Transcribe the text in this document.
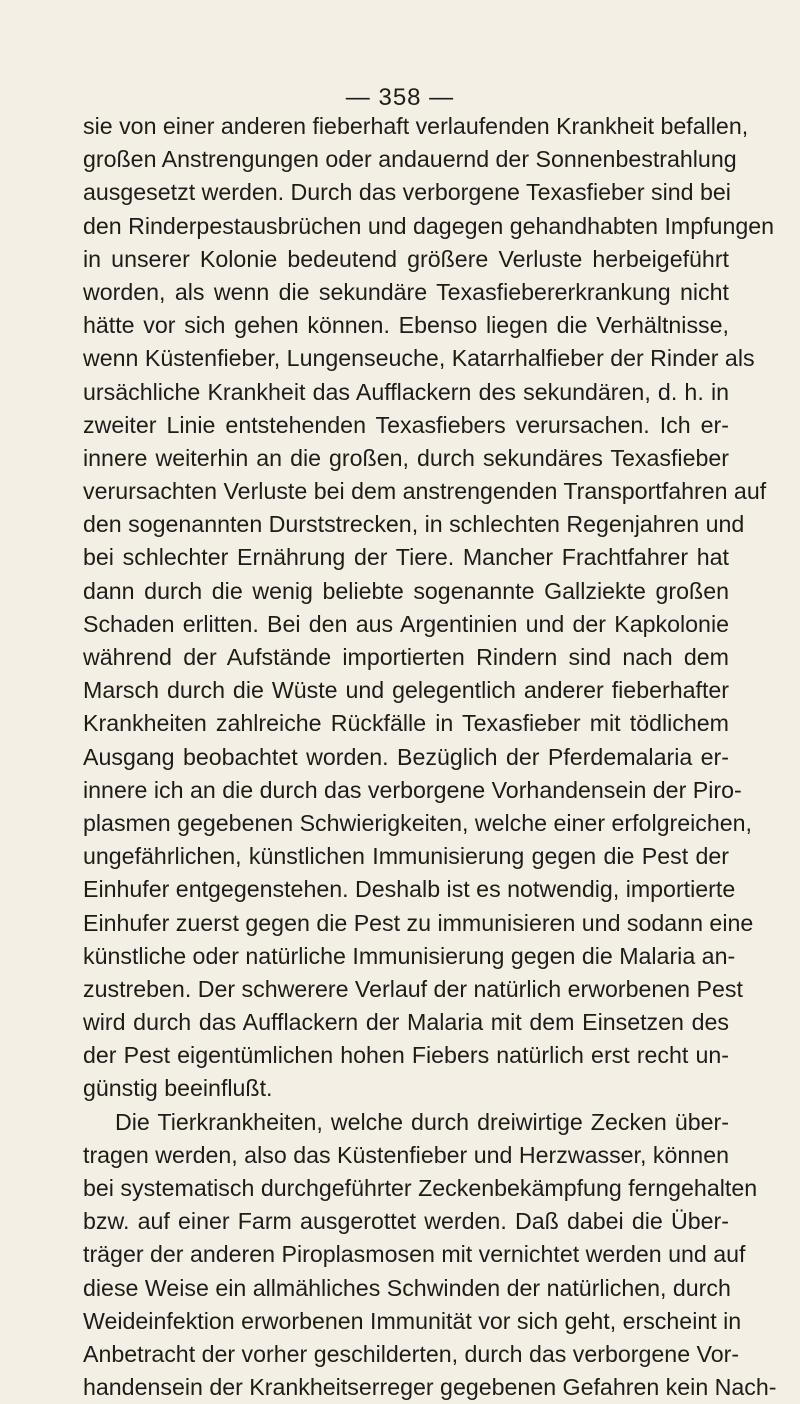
— 358 —
sie von einer anderen fieberhaft verlaufenden Krankheit befallen,
großen Anstrengungen oder andauernd der Sonnenbestrahlung
ausgesetzt werden. Durch das verborgene Texasfieber sind bei
den Rinderpestausbrüchen und dagegen gehandhabten Impfungen
in unserer Kolonie bedeutend größere Verluste herbeigeführt
worden, als wenn die sekundäre Texasfiebererkrankung nicht
hätte vor sich gehen können. Ebenso liegen die Verhältnisse,
wenn Küstenfieber, Lungenseuche, Katarrhalfieber der Rinder als
ursächliche Krankheit das Aufflackern des sekundären, d. h. in
zweiter Linie entstehenden Texasfiebers verursachen. Ich er-
innere weiterhin an die großen, durch sekundäres Texasfieber
verursachten Verluste bei dem anstrengenden Transportfahren auf
den sogenannten Durststrecken, in schlechten Regenjahren und
bei schlechter Ernährung der Tiere. Mancher Frachtfahrer hat
dann durch die wenig beliebte sogenannte Gallziekte großen
Schaden erlitten. Bei den aus Argentinien und der Kapkolonie
während der Aufstände importierten Rindern sind nach dem
Marsch durch die Wüste und gelegentlich anderer fieberhafter
Krankheiten zahlreiche Rückfälle in Texasfieber mit tödlichem
Ausgang beobachtet worden. Bezüglich der Pferdemalaria er-
innere ich an die durch das verborgene Vorhandensein der Piro-
plasmen gegebenen Schwierigkeiten, welche einer erfolgreichen,
ungefährlichen, künstlichen Immunisierung gegen die Pest der
Einhufer entgegenstehen. Deshalb ist es notwendig, importierte
Einhufer zuerst gegen die Pest zu immunisieren und sodann eine
künstliche oder natürliche Immunisierung gegen die Malaria an-
zustreben. Der schwerere Verlauf der natürlich erworbenen Pest
wird durch das Aufflackern der Malaria mit dem Einsetzen des
der Pest eigentümlichen hohen Fiebers natürlich erst recht un-
günstig beeinflußt.
Die Tierkrankheiten, welche durch dreiwirtige Zecken über-
tragen werden, also das Küstenfieber und Herzwasser, können
bei systematisch durchgeführter Zeckenbekämpfung ferngehalten
bzw. auf einer Farm ausgerottet werden. Daß dabei die Über-
träger der anderen Piroplasmosen mit vernichtet werden und auf
diese Weise ein allmähliches Schwinden der natürlichen, durch
Weideinfektion erworbenen Immunität vor sich geht, erscheint in
Anbetracht der vorher geschilderten, durch das verborgene Vor-
handensein der Krankheitserreger gegebenen Gefahren kein Nach-
